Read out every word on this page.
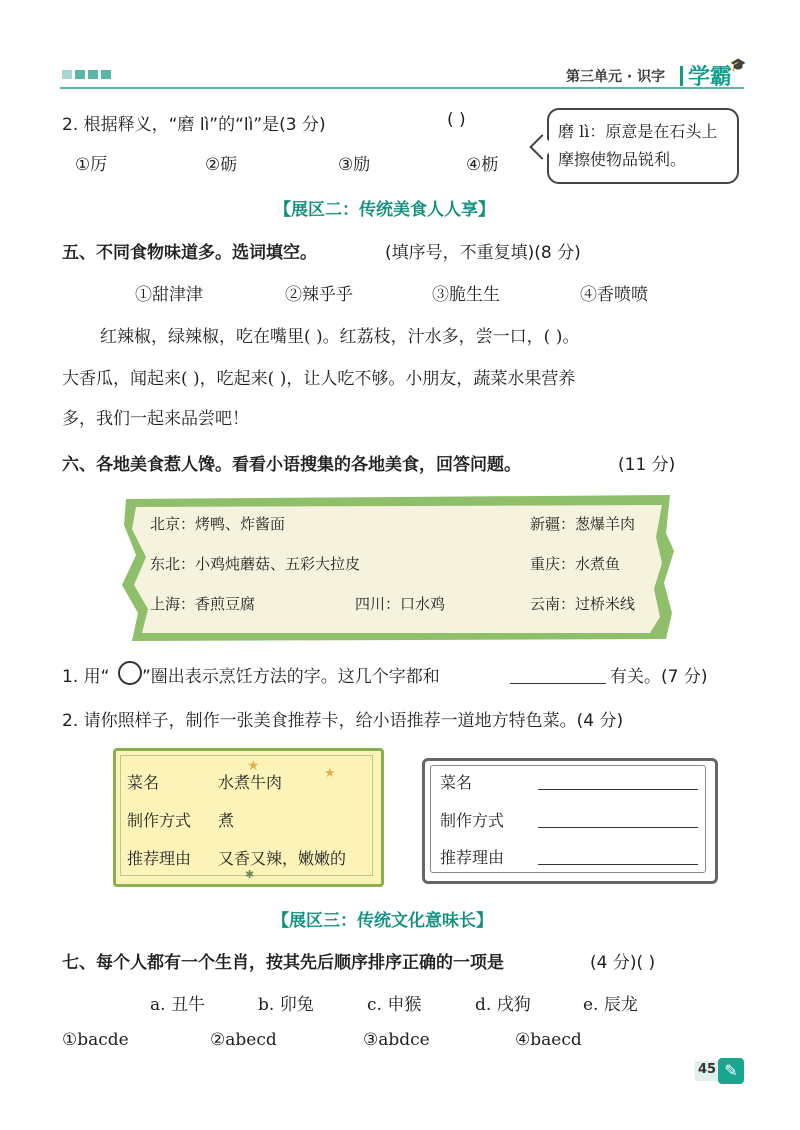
第三单元 · 识字 学霸
🎓
2. 根据释义，“磨 lì”的“lì”是(3 分)	( )
①厉	②砺	③励	④枥
磨 lì：原意是在石头上摩擦使物品锐利。
【展区二：传统美食人人享】
五、不同食物味道多。选词填空。	(填序号，不重复填)(8 分)
①甜津津	②辣乎乎	③脆生生	④香喷喷
红辣椒，绿辣椒，吃在嘴里( )。红荔枝，汁水多，尝一口，( )。
大香瓜，闻起来( )，吃起来( )，让人吃不够。小朋友，蔬菜水果营养
多，我们一起来品尝吧！
六、各地美食惹人馋。看看小语搜集的各地美食，回答问题。	(11 分)
北京：烤鸭、炸酱面	新疆：葱爆羊肉
东北：小鸡炖蘑菇、五彩大拉皮	重庆：水煮鱼
上海：香煎豆腐	四川：口水鸡	云南：过桥米线
1. 用“ ”圈出表示烹饪方法的字。这几个字都和	有关。(7 分)
2. 请你照样子，制作一张美食推荐卡，给小语推荐一道地方特色菜。(4 分)
★	★
✱
菜名	水煮牛肉
制作方式 煮
推荐理由 又香又辣，嫩嫩的
菜名
制作方式
推荐理由
【展区三：传统文化意味长】
七、每个人都有一个生肖，按其先后顺序排序正确的一项是	(4 分)( )
a. 丑牛	b. 卯兔	c. 申猴	d. 戌狗	e. 辰龙
①bacde	②abecd	③abdce	④baecd
45 ✎
